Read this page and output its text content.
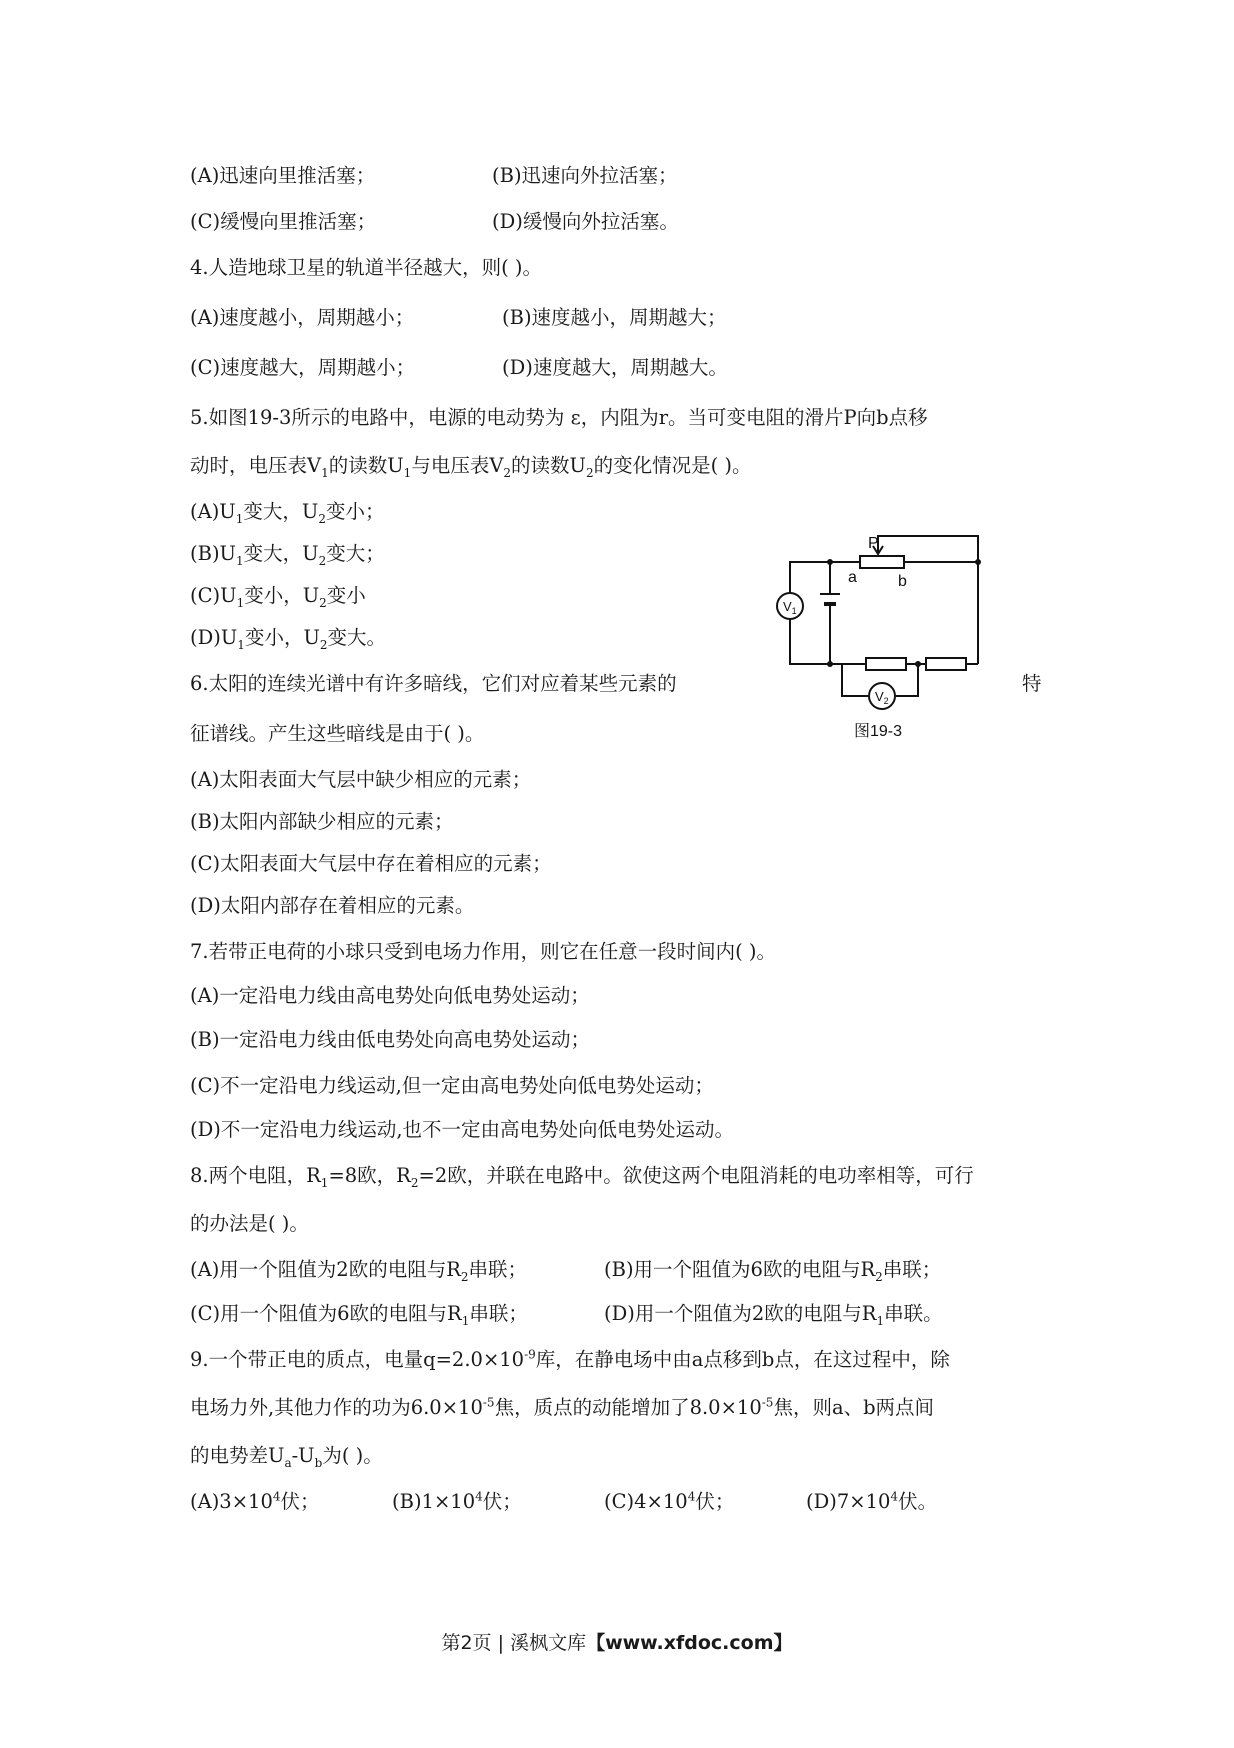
(A)迅速向里推活塞；	(B)迅速向外拉活塞；
(C)缓慢向里推活塞；	(D)缓慢向外拉活塞。
4.人造地球卫星的轨道半径越大，则( )。
(A)速度越小，周期越小；	(B)速度越小，周期越大；
(C)速度越大，周期越小；	(D)速度越大，周期越大。
5.如图19-3所示的电路中，电源的电动势为 ε，内阻为r。当可变电阻的滑片P向b点移
动时，电压表$V_1$的读数$U_1$与电压表$V_2$的读数$U_2$的变化情况是( )。
$(A)U_1$变大，$U_2$变小；
$(B)U_1$变大，$U_2$变大；
$(C)U_1$变小，$U_2$变小
$(D)U_1$变小，$U_2$变大。
P
a	b
$V_1$
$V_2$
图19-3
6.太阳的连续光谱中有许多暗线，它们对应着某些元素的	特
征谱线。产生这些暗线是由于( )。
(A)太阳表面大气层中缺少相应的元素；
(B)太阳内部缺少相应的元素；
(C)太阳表面大气层中存在着相应的元素；
(D)太阳内部存在着相应的元素。
7.若带正电荷的小球只受到电场力作用，则它在任意一段时间内( )。
(A)一定沿电力线由高电势处向低电势处运动；
(B)一定沿电力线由低电势处向高电势处运动；
(C)不一定沿电力线运动,但一定由高电势处向低电势处运动；
(D)不一定沿电力线运动,也不一定由高电势处向低电势处运动。
8.两个电阻，$R_1=8$欧，$R_2=2$欧，并联在电路中。欲使这两个电阻消耗的电功率相等，可行
的办法是( )。
(A)用一个阻值为2欧的电阻与$R_2$串联；	(B)用一个阻值为6欧的电阻与$R_2$串联；
(C)用一个阻值为6欧的电阻与$R_1$串联；	(D)用一个阻值为2欧的电阻与$R_1$串联。
9.一个带正电的质点，电量$q=2.0\times 10^{-9}$库，在静电场中由a点移到b点，在这过程中，除
电场力外,其他力作的功为$6.0\times 10^{-5}$焦，质点的动能增加了$8.0\times 10^{-5}$焦，则a、b两点间
的电势差$U_a-U_b$为( )。
$(A)3\times 10^4$伏；	$(B)1\times 10^4$伏；	$(C)4\times 10^4$伏；	$(D)7\times 10^4$伏。
第2页 | 溪枫文库【www.xfdoc.com】
